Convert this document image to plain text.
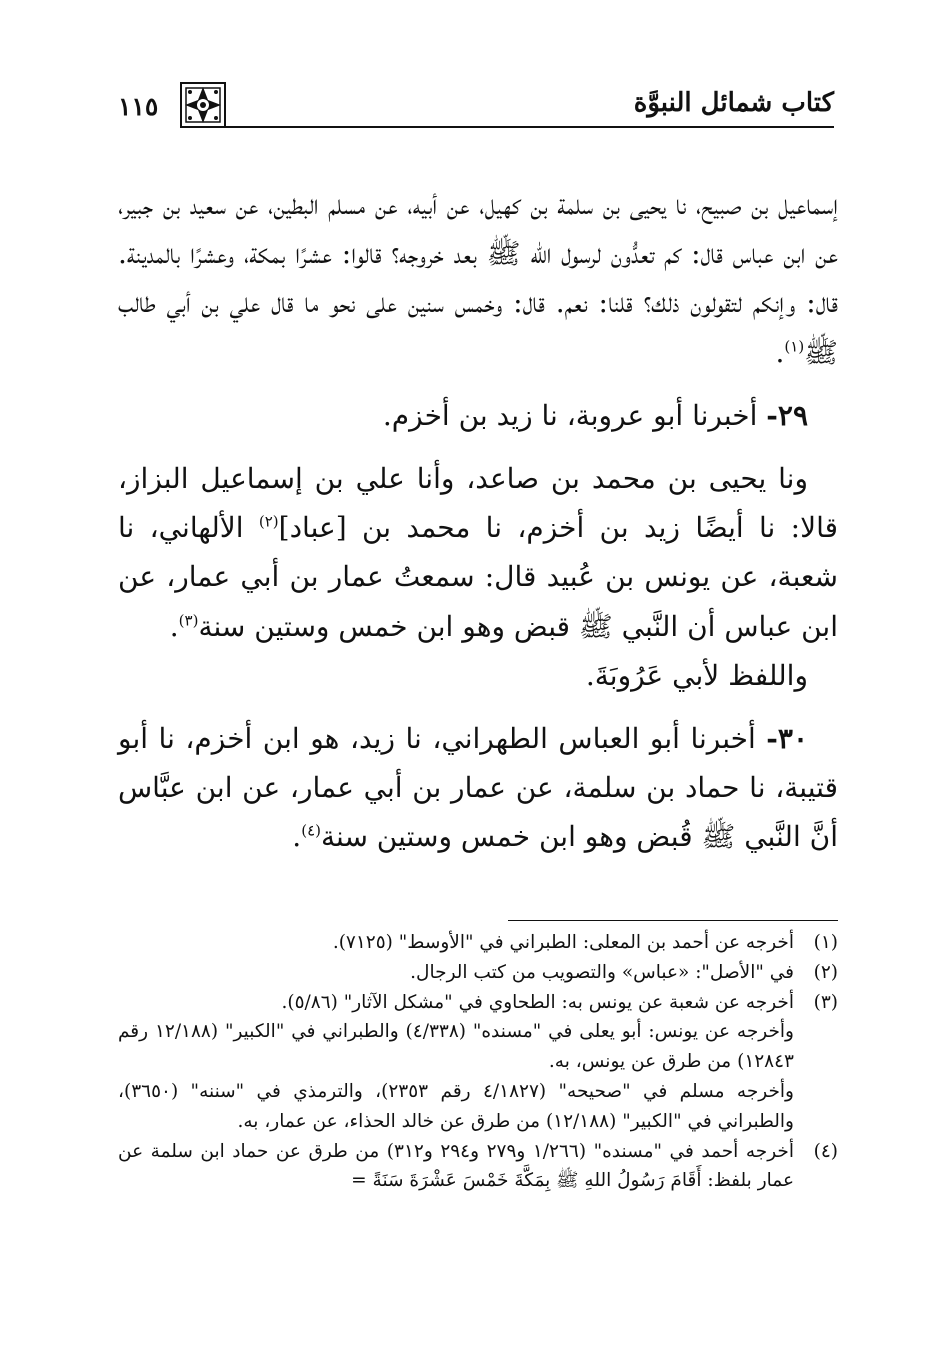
كتاب شمائل النبوَّة
١١٥

إسماعيل بن صبيح، نا يحيى بن سلمة بن كهيل، عن أبيه، عن مسلم البطين، عن سعيد بن جبير، عن ابن عباس قال: كم تعدُّون لرسول الله ﷺ بعد خروجه؟ قالوا: عشرًا بمكة، وعشرًا بالمدينة. قال: وإنكم لتقولون ذلك؟ قلنا: نعم. قال: وخمس سنين على نحو ما قال علي بن أبي طالب ﷺ$^{(١)}$.

٢٩- أخبرنا أبو عروبة، نا زيد بن أخزم.

ونا يحيى بن محمد بن صاعد، وأنا علي بن إسماعيل البزاز، قالا: نا أيضًا زيد بن أخزم، نا محمد بن [عباد]$^{(٢)}$ الألهاني، نا شعبة، عن يونس بن عُبيد قال: سمعتُ عمار بن أبي عمار، عن ابن عباس أن النَّبي ﷺ قبض وهو ابن خمس وستين سنة$^{(٣)}$.

واللفظ لأبي عَرُوبَةَ.

٣٠- أخبرنا أبو العباس الطهراني، نا زيد، هو ابن أخزم، نا أبو قتيبة، نا حماد بن سلمة، عن عمار بن أبي عمار، عن ابن عبَّاس أنَّ النَّبي ﷺ قُبض وهو ابن خمس وستين سنة$^{(٤)}$.

(١)

أخرجه عن أحمد بن المعلى: الطبراني في "الأوسط" (٧١٢٥).

(٢)

في "الأصل": «عباس» والتصويب من كتب الرجال.

(٣)

أخرجه عن شعبة عن يونس به: الطحاوي في "مشكل الآثار" (٥/٨٦).

وأخرجه عن يونس: أبو يعلى في "مسنده" (٤/٣٣٨) والطبراني في "الكبير" (١٢/١٨٨ رقم ١٢٨٤٣) من طرق عن يونس، به.

وأخرجه مسلم في "صحيحه" (٤/١٨٢٧ رقم ٢٣٥٣)، والترمذي في "سننه" (٣٦٥٠)، والطبراني في "الكبير" (١٢/١٨٨) من طرق عن خالد الحذاء، عن عمار، به.

(٤)

أخرجه أحمد في "مسنده" (١/٢٦٦ و٢٧٩ و٢٩٤ و٣١٢) من طرق عن حماد ابن سلمة عن عمار بلفظ: أَقَامَ رَسُولُ اللهِ ﷺ بِمَكَّةَ خَمْسَ عَشْرَةَ سَنَةً =
